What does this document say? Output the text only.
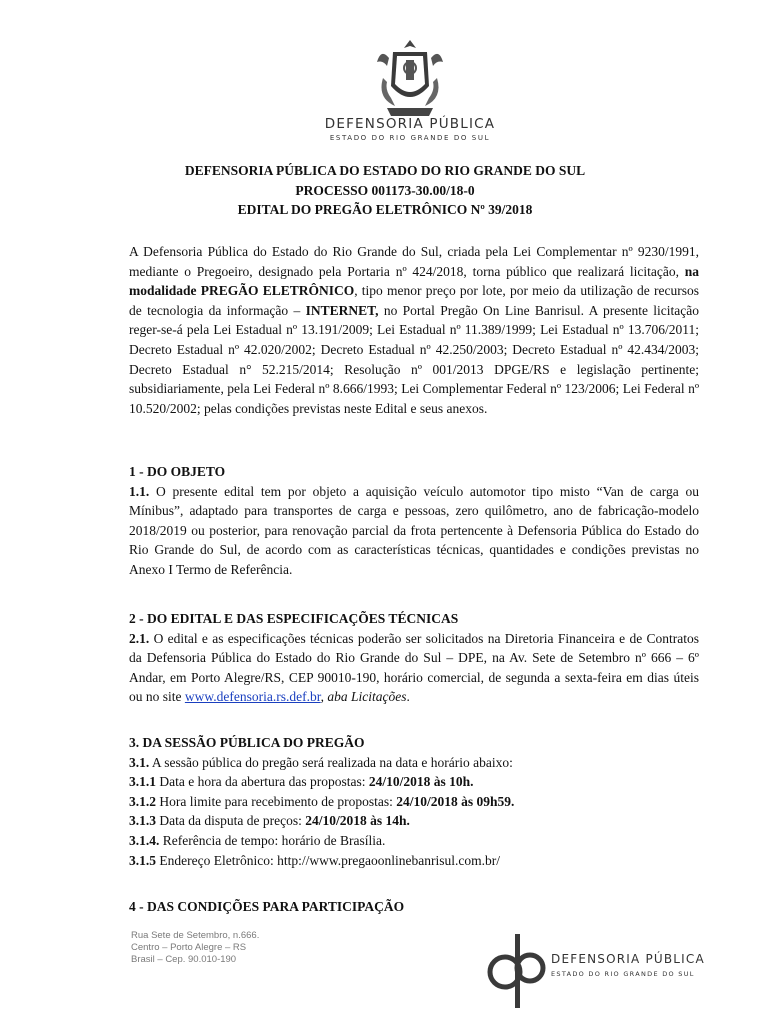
DEFENSORIA PÚBLICA
ESTADO DO RIO GRANDE DO SUL
DEFENSORIA PÚBLICA DO ESTADO DO RIO GRANDE DO SUL
PROCESSO 001173-30.00/18-0
EDITAL DO PREGÃO ELETRÔNICO Nº 39/2018

A Defensoria Pública do Estado do Rio Grande do Sul, criada pela Lei Complementar nº 9230/1991, mediante o Pregoeiro, designado pela Portaria nº 424/2018, torna público que realizará licitação, na modalidade PREGÃO ELETRÔNICO, tipo menor preço por lote, por meio da utilização de recursos de tecnologia da informação – INTERNET, no Portal Pregão On Line Banrisul. A presente licitação reger-se-á pela Lei Estadual nº 13.191/2009; Lei Estadual nº 11.389/1999; Lei Estadual nº 13.706/2011; Decreto Estadual nº 42.020/2002; Decreto Estadual nº 42.250/2003; Decreto Estadual nº 42.434/2003; Decreto Estadual n° 52.215/2014; Resolução nº 001/2013 DPGE/RS e legislação pertinente; subsidiariamente, pela Lei Federal nº 8.666/1993; Lei Complementar Federal nº 123/2006; Lei Federal nº 10.520/2002; pelas condições previstas neste Edital e seus anexos.

1 - DO OBJETO

1.1. O presente edital tem por objeto a aquisição veículo automotor tipo misto “Van de carga ou Mínibus”, adaptado para transportes de carga e pessoas, zero quilômetro, ano de fabricação-modelo 2018/2019 ou posterior, para renovação parcial da frota pertencente à Defensoria Pública do Estado do Rio Grande do Sul, de acordo com as características técnicas, quantidades e condições previstas no Anexo I Termo de Referência.

2 - DO EDITAL E DAS ESPECIFICAÇÕES TÉCNICAS

2.1. O edital e as especificações técnicas poderão ser solicitados na Diretoria Financeira e de Contratos da Defensoria Pública do Estado do Rio Grande do Sul – DPE, na Av. Sete de Setembro nº 666 – 6º Andar, em Porto Alegre/RS, CEP 90010-190, horário comercial, de segunda a sexta-feira em dias úteis ou no site www.defensoria.rs.def.br, aba Licitações.

3. DA SESSÃO PÚBLICA DO PREGÃO
3.1. A sessão pública do pregão será realizada na data e horário abaixo:
3.1.1 Data e hora da abertura das propostas: 24/10/2018 às 10h.
3.1.2 Hora limite para recebimento de propostas: 24/10/2018 às 09h59.
3.1.3 Data da disputa de preços: 24/10/2018 às 14h.
3.1.4. Referência de tempo: horário de Brasília.
3.1.5 Endereço Eletrônico: http://www.pregaoonlinebanrisul.com.br/
4 - DAS CONDIÇÕES PARA PARTICIPAÇÃO
Rua Sete de Setembro, n.666.
Centro – Porto Alegre – RS
Brasil – Cep. 90.010-190	DEFENSORIA PÚBLICA
ESTADO DO RIO GRANDE DO SUL
